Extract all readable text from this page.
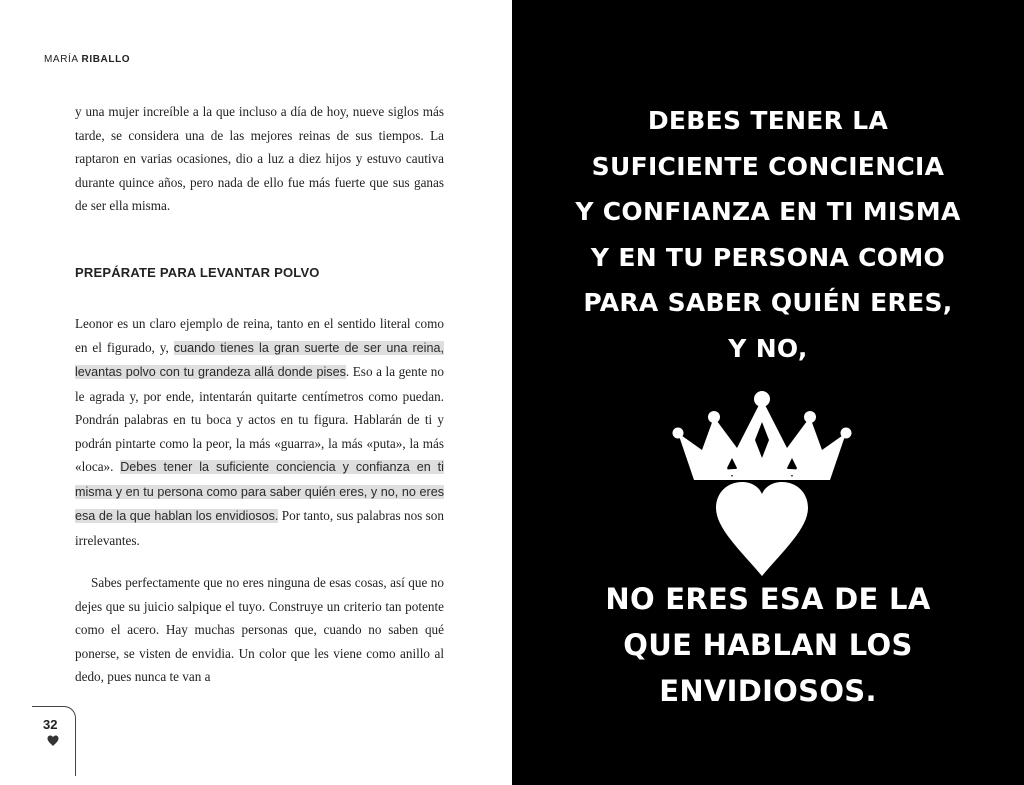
MARÍA RIBALLO

y una mujer increíble a la que incluso a día de hoy, nueve siglos más tarde, se considera una de las mejores reinas de sus tiempos. La raptaron en varias ocasiones, dio a luz a diez hijos y estuvo cautiva durante quince años, pero nada de ello fue más fuerte que sus ganas de ser ella misma.

PREPÁRATE PARA LEVANTAR POLVO

Leonor es un claro ejemplo de reina, tanto en el sentido literal como en el figurado, y, cuando tienes la gran suerte de ser una reina, levantas polvo con tu grandeza allá donde pises. Eso a la gente no le agrada y, por ende, intentarán quitarte centímetros como puedan. Pondrán palabras en tu boca y actos en tu figura. Hablarán de ti y podrán pintarte como la peor, la más «guarra», la más «puta», la más «loca». Debes tener la suficiente conciencia y confianza en ti misma y en tu persona como para saber quién eres, y no, no eres esa de la que hablan los envidiosos. Por tanto, sus palabras nos son irrelevantes.

Sabes perfectamente que no eres ninguna de esas cosas, así que no dejes que su juicio salpique el tuyo. Construye un criterio tan potente como el acero. Hay muchas personas que, cuando no saben qué ponerse, se visten de envidia. Un color que les viene como anillo al dedo, pues nunca te van a

32
DEBES TENER LA
SUFICIENTE CONCIENCIA
Y CONFIANZA EN TI MISMA
Y EN TU PERSONA COMO
PARA SABER QUIÉN ERES,
Y NO,
NO ERES ESA DE LA
QUE HABLAN LOS
ENVIDIOSOS.
